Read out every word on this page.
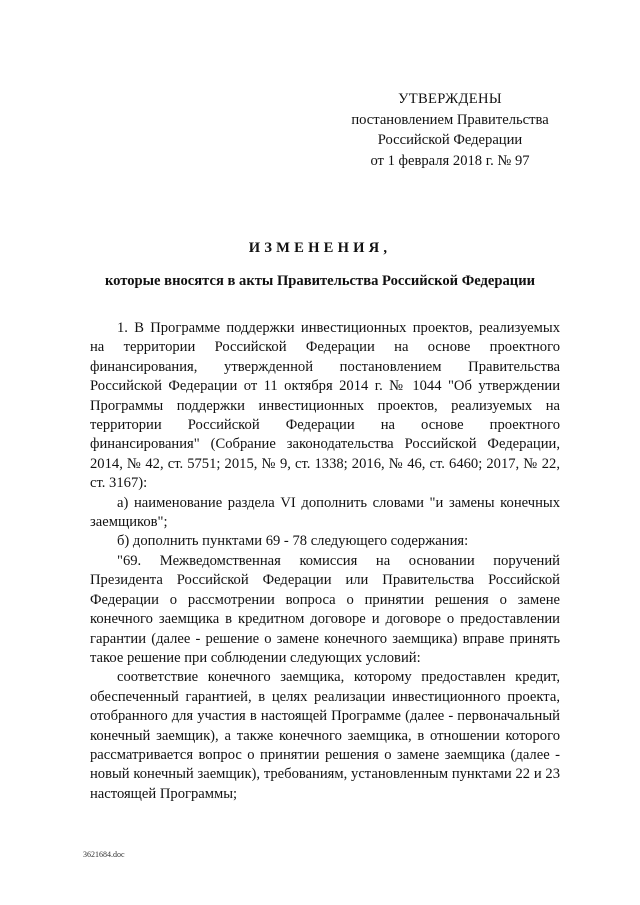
УТВЕРЖДЕНЫ
постановлением Правительства
Российской Федерации
от 1 февраля 2018 г. № 97
ИЗМЕНЕНИЯ,
которые вносятся в акты Правительства Российской Федерации

1. В Программе поддержки инвестиционных проектов, реализуемых на территории Российской Федерации на основе проектного финансирования, утвержденной постановлением Правительства Российской Федерации от 11 октября 2014 г. № 1044 "Об утверждении Программы поддержки инвестиционных проектов, реализуемых на территории Российской Федерации на основе проектного финансирования" (Собрание законодательства Российской Федерации, 2014, № 42, ст. 5751; 2015, № 9, ст. 1338; 2016, № 46, ст. 6460; 2017, № 22, ст. 3167):

а) наименование раздела VI дополнить словами "и замены конечных заемщиков";

б) дополнить пунктами 69 - 78 следующего содержания:

"69. Межведомственная комиссия на основании поручений Президента Российской Федерации или Правительства Российской Федерации о рассмотрении вопроса о принятии решения о замене конечного заемщика в кредитном договоре и договоре о предоставлении гарантии (далее - решение о замене конечного заемщика) вправе принять такое решение при соблюдении следующих условий:

соответствие конечного заемщика, которому предоставлен кредит, обеспеченный гарантией, в целях реализации инвестиционного проекта, отобранного для участия в настоящей Программе (далее - первоначальный конечный заемщик), а также конечного заемщика, в отношении которого рассматривается вопрос о принятии решения о замене заемщика (далее - новый конечный заемщик), требованиям, установленным пунктами 22 и 23 настоящей Программы;

3621684.doc
